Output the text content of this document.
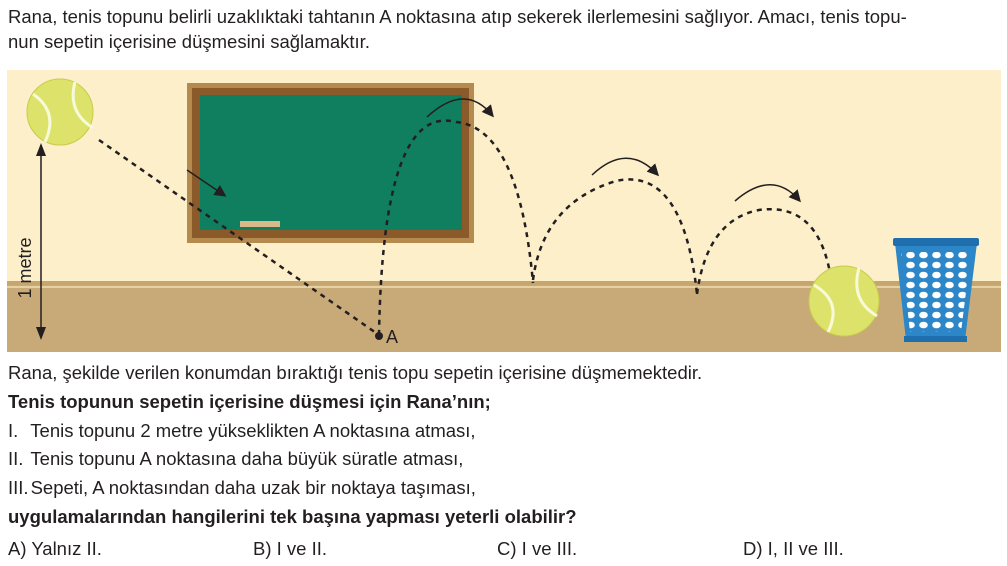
Rana, tenis topunu belirli uzaklıktaki tahtanın A noktasına atıp sekerek ilerlemesini sağlıyor. Amacı, tenis topu-
nun sepetin içerisine düşmesini sağlamaktır.
A
1 metre
Rana, şekilde verilen konumdan bıraktığı tenis topu sepetin içerisine düşmemektedir.
Tenis topunun sepetin içerisine düşmesi için Rana’nın;
I. Tenis topunu 2 metre yükseklikten A noktasına atması,
II. Tenis topunu A noktasına daha büyük süratle atması,
III. Sepeti, A noktasından daha uzak bir noktaya taşıması,
uygulamalarından hangilerini tek başına yapması yeterli olabilir?
A) Yalnız II.	B) I ve II.	C) I ve III.	D) I, II ve III.
